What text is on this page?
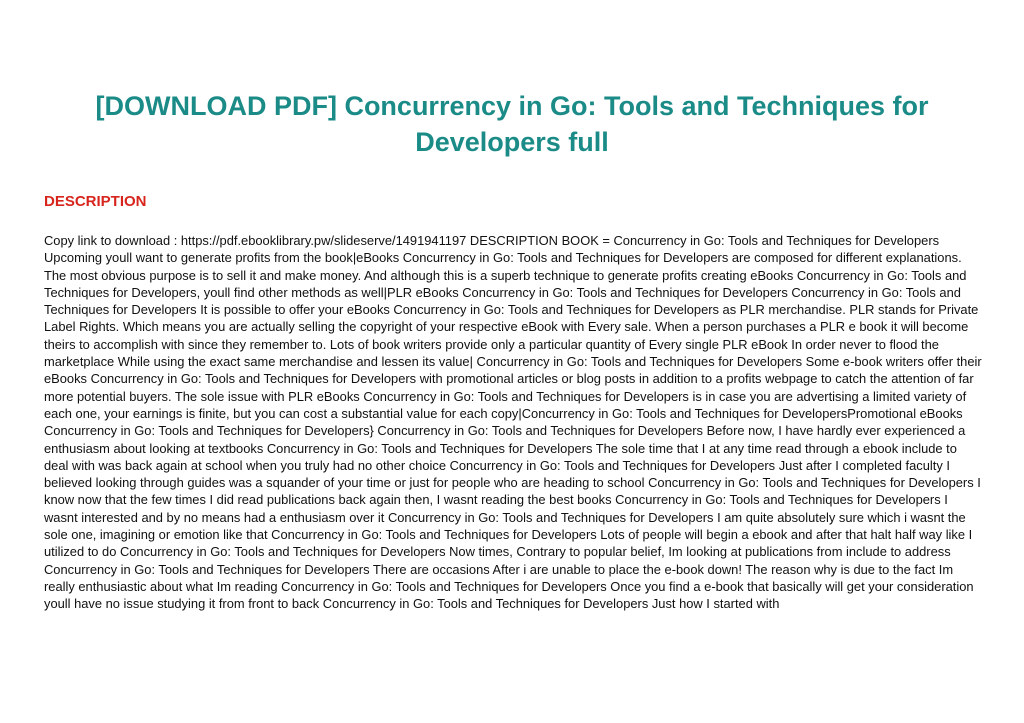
[DOWNLOAD PDF] Concurrency in Go: Tools and Techniques for Developers full
DESCRIPTION

Copy link to download : https://pdf.ebooklibrary.pw/slideserve/1491941197 DESCRIPTION BOOK = Concurrency in Go: Tools and Techniques for Developers Upcoming youll want to generate profits from the book|eBooks Concurrency in Go: Tools and Techniques for Developers are composed for different explanations. The most obvious purpose is to sell it and make money. And although this is a superb technique to generate profits creating eBooks Concurrency in Go: Tools and Techniques for Developers, youll find other methods as well|PLR eBooks Concurrency in Go: Tools and Techniques for Developers Concurrency in Go: Tools and Techniques for Developers It is possible to offer your eBooks Concurrency in Go: Tools and Techniques for Developers as PLR merchandise. PLR stands for Private Label Rights. Which means you are actually selling the copyright of your respective eBook with Every sale. When a person purchases a PLR e book it will become theirs to accomplish with since they remember to. Lots of book writers provide only a particular quantity of Every single PLR eBook In order never to flood the marketplace While using the exact same merchandise and lessen its value| Concurrency in Go: Tools and Techniques for Developers Some e-book writers offer their eBooks Concurrency in Go: Tools and Techniques for Developers with promotional articles or blog posts in addition to a profits webpage to catch the attention of far more potential buyers. The sole issue with PLR eBooks Concurrency in Go: Tools and Techniques for Developers is in case you are advertising a limited variety of each one, your earnings is finite, but you can cost a substantial value for each copy|Concurrency in Go: Tools and Techniques for DevelopersPromotional eBooks Concurrency in Go: Tools and Techniques for Developers} Concurrency in Go: Tools and Techniques for Developers Before now, I have hardly ever experienced a enthusiasm about looking at textbooks Concurrency in Go: Tools and Techniques for Developers The sole time that I at any time read through a ebook include to deal with was back again at school when you truly had no other choice Concurrency in Go: Tools and Techniques for Developers Just after I completed faculty I believed looking through guides was a squander of your time or just for people who are heading to school Concurrency in Go: Tools and Techniques for Developers I know now that the few times I did read publications back again then, I wasnt reading the best books Concurrency in Go: Tools and Techniques for Developers I wasnt interested and by no means had a enthusiasm over it Concurrency in Go: Tools and Techniques for Developers I am quite absolutely sure which i wasnt the sole one, imagining or emotion like that Concurrency in Go: Tools and Techniques for Developers Lots of people will begin a ebook and after that halt half way like I utilized to do Concurrency in Go: Tools and Techniques for Developers Now times, Contrary to popular belief, Im looking at publications from include to address Concurrency in Go: Tools and Techniques for Developers There are occasions After i are unable to place the e-book down! The reason why is due to the fact Im really enthusiastic about what Im reading Concurrency in Go: Tools and Techniques for Developers Once you find a e-book that basically will get your consideration youll have no issue studying it from front to back Concurrency in Go: Tools and Techniques for Developers Just how I started with
